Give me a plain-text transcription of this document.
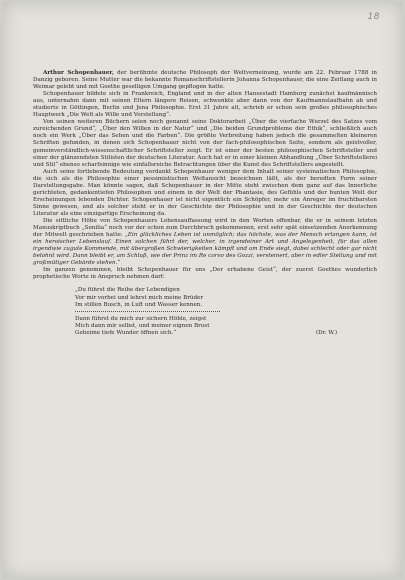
18

Arthur Schopenhauer, der berühmte deutsche Philosoph der Weltverneinung, wurde am 22. Februar 1788 in Danzig geboren. Seine Mutter war die bekannte Romanschriftstellerin Johanna Schopenhauer, die eine Zeitlang auch in Weimar gelebt und mit Goethe geselligen Umgang gepflogen hatte.

Schopenhauer bildete sich in Frankreich, England und in der alten Hansestadt Hamburg zunächst kaufmännisch aus, unternahm dann mit seinen Eltern längere Reisen, schwenkte aber dann von der Kaufmannslaufbahn ab und studierte in Göttingen, Berlin und Jena Philosophie. Erst 31 Jahre alt, schrieb er schon sein großes philosophisches Hauptwerk „Die Welt als Wille und Vorstellung“.

Von seinen weiteren Büchern seien noch genannt seine Doktorarbeit „Über die vierfache Wurzel des Satzes vom zureichenden Grund“, „Über den Willen in der Natur“ und „Die beiden Grundprobleme der Ethik“, schließlich auch noch ein Werk „Über das Sehen und die Farben“. Die größte Verbreitung haben jedoch die gesammelten kleineren Schriften gefunden, in denen sich Schopenhauer nicht von der fach-philosophischen Seite, sondern als geistvoller, gemeinverständlich-wissenschaftlicher Schriftsteller zeigt. Er ist einer der besten philosophischen Schriftsteller und einer der glänzendsten Stilisten der deutschen Literatur. Auch hat er in einer kleinen Abhandlung „Über Schriftstellerei und Stil“ ebenso scharfsinnige wie einfallsreiche Betrachtungen über die Kunst des Schriftstellers angestellt.

Auch seine fortlebende Bedeutung verdankt Schopenhauer weniger dem Inhalt seiner systematischen Philosophie, die sich als die Philosophie einer pessimistischen Weltansicht bezeichnen läßt, als der beredten Form seiner Darstellungsgabe. Man könnte sagen, daß Schopenhauer in der Mitte steht zwischen dem ganz auf das Innerliche gerichteten, gedankentiefen Philosophen und einem in der Welt der Phantasie, des Gefühls und der bunten Welt der Erscheinungen lebenden Dichter. Schopenhauer ist nicht eigentlich ein Schöpfer, mehr ein Anreger im fruchtbarsten Sinne gewesen, und als solcher steht er in der Geschichte der Philosophie und in der Geschichte der deutschen Literatur als eine einzigartige Erscheinung da.

Die sittliche Höhe von Schopenhauers Lebensauffassung wird in den Worten offenbar, die er in seinem letzten Manuskriptbuch „Senilia“ noch vor der schon zum Durchbruch gekommenen, erst sehr spät einsetzenden Anerkennung der Mitwelt geschrieben hatte: „Ein glückliches Leben ist unmöglich; das höchste, was der Mensch erlangen kann, ist ein heroischer Lebenslauf. Einen solchen führt der, welcher, in irgendeiner Art und Angelegenheit, für das allen irgendwie zugute Kommende, mit übergroßen Schwierigkeiten kämpft und am Ende siegt, dabei schlecht oder gar nicht belohnt wird. Dann bleibt er, am Schluß, wie der Prinz im Re corvo des Gozzi, versteinert, aber in edler Stellung und mit großmütiger Gebärde stehen.“

Im ganzen genommen, bleibt Schopenhauer für uns „Der erhabene Geist“, der zuerst Goethes wunderlich prophetische Worte in Anspruch nehmen darf:

„Du führst die Reihe der Lebendigen
Vor mir vorbei und lehrst mich meine Brüder
Im stillen Busch, in Luft und Wasser kennen.
Dann führst du mich zur sichern Höhle, zeigst
Mich dann mir selbst, und meiner eignen Brust
Geheime tiefe Wunder öffnen sich.“	(Dr. W.)
